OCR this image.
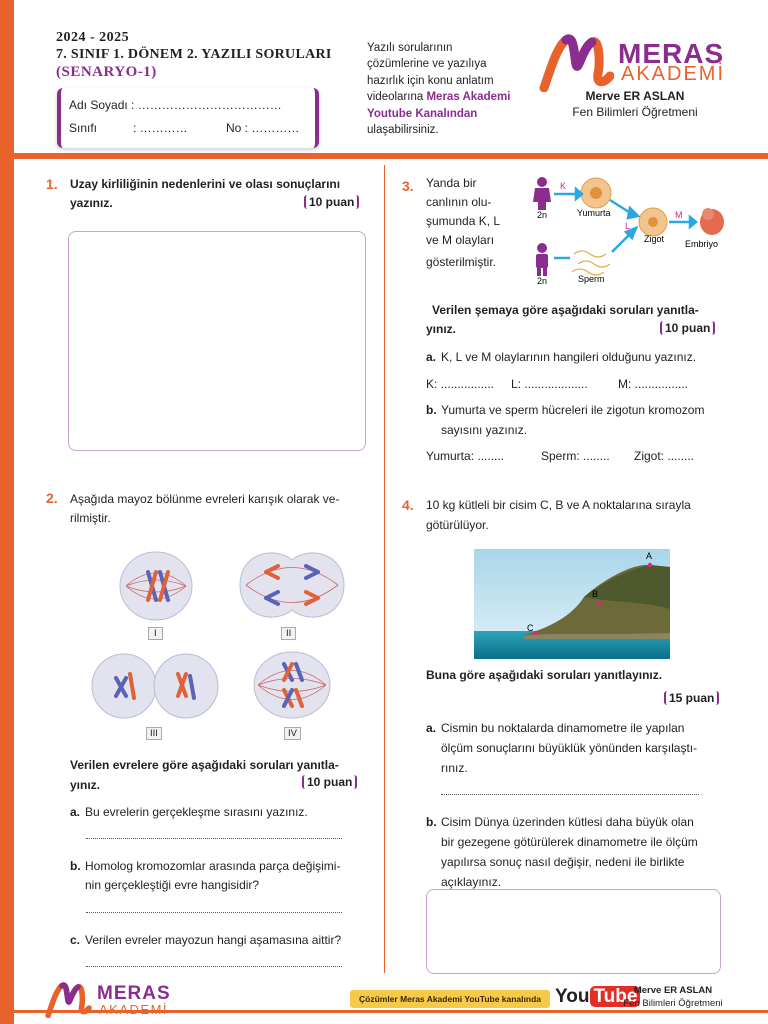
2024 - 2025
7. SINIF 1. DÖNEM 2. YAZILI SORULARI
(SENARYO-1)
Adı Soyadı : ………………………………
Sınıfı	: …………	No : …………
Yazılı sorularının çözümlerine ve yazılıya hazırlık için konu anlatım videolarına Meras Akademi Youtube Kanalından ulaşabilirsiniz.
MERAS
AKADEMİ
Merve ER ASLAN
Fen Bilimleri Öğretmeni
1. Uzay kirliliğinin nedenlerini ve olası sonuçlarını
yazınız.	10 puan
2. Aşağıda mayoz bölünme evreleri karışık olarak ve-
rilmiştir.
I	II
III	IV
Verilen evrelere göre aşağıdaki soruları yanıtla-
yınız.	10 puan
a. Bu evrelerin gerçekleşme sırasını yazınız.
b. Homolog kromozomlar arasında parça değişimi-
nin gerçekleştiği evre hangisidir?
c. Verilen evreler mayozun hangi aşamasına aittir?
3. Yanda bir
canlının olu-
şumunda K, L
ve M olayları
gösterilmiştir.
K
L
M
2n
2n
Yumurta
Sperm
Zigot Embriyo
Verilen şemaya göre aşağıdaki soruları yanıtla-
yınız.	10 puan
a. K, L ve M olaylarının hangileri olduğunu yazınız.
K: ................ L: ...................	M: ................
b. Yumurta ve sperm hücreleri ile zigotun kromozom
sayısını yazınız.
Yumurta: ........	Sperm: ........ Zigot: ........
4. 10 kg kütleli bir cisim C, B ve A noktalarına sırayla
götürülüyor.
A
B
C
Buna göre aşağıdaki soruları yanıtlayınız.
15 puan
a. Cismin bu noktalarda dinamometre ile yapılan
ölçüm sonuçlarını büyüklük yönünden karşılaştı-
rınız.
b. Cisim Dünya üzerinden kütlesi daha büyük olan
bir gezegene götürülerek dinamometre ile ölçüm
yapılırsa sonuç nasıl değişir, nedeni ile birlikte
açıklayınız.
MERAS
AKADEMİ
Çözümler Meras Akademi YouTube kanalında You Tube
Merve ER ASLAN
Fen Bilimleri Öğretmeni
